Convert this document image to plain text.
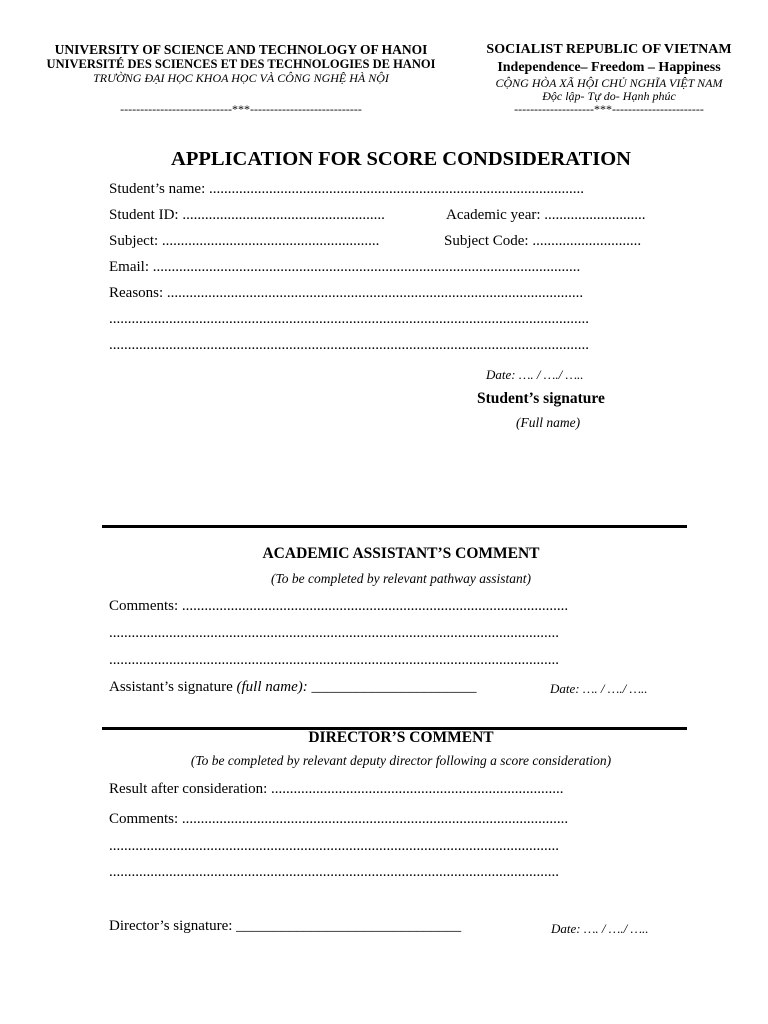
UNIVERSITY OF SCIENCE AND TECHNOLOGY OF HANOI
UNIVERSITÉ DES SCIENCES ET DES TECHNOLOGIES DE HANOI
TRƯỜNG ĐẠI HỌC KHOA HỌC VÀ CÔNG NGHỆ HÀ NỘI
----------------------------***----------------------------
SOCIALIST REPUBLIC OF VIETNAM
Independence– Freedom – Happiness
CỘNG HÒA XÃ HỘI CHỦ NGHĨA VIỆT NAM
Độc lập- Tự do- Hạnh phúc
--------------------***-----------------------
APPLICATION FOR SCORE CONDSIDERATION
Student’s name: ....................................................................................................
Student ID: ......................................................	Academic year: ...........................
Subject: ..........................................................	Subject Code: .............................
Email: ..................................................................................................................
Reasons: ...............................................................................................................
................................................................................................................................
................................................................................................................................
Date: …. / …./ …..
Student’s signature
(Full name)
ACADEMIC ASSISTANT’S COMMENT
(To be completed by relevant pathway assistant)
Comments: .......................................................................................................
........................................................................................................................
........................................................................................................................
Assistant’s signature (full name): ______________________	Date: …. / …./ …..
DIRECTOR’S COMMENT
(To be completed by relevant deputy director following a score consideration)
Result after consideration: ..............................................................................
Comments: .......................................................................................................
........................................................................................................................
........................................................................................................................
Director’s signature: ______________________________	Date: …. / …./ …..
